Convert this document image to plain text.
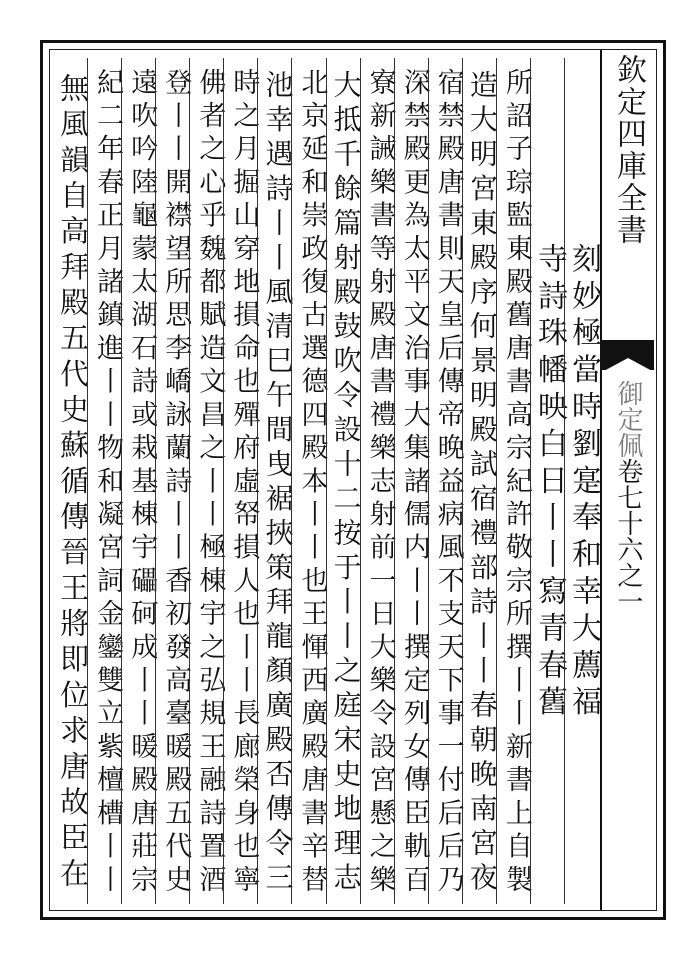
欽定四庫全書
御定佩卷七十六之一
刻妙極當時劉寔奉和幸大薦福
寺詩珠幡映白日丨丨寫青春舊
所詔子琮監東殿舊唐書高宗紀許敬宗所撰丨丨新書上自製
造大明宮東殿序何景明殿試宿禮部詩丨丨春朝晚南宮夜
宿禁殿唐書則天皇后傳帝晚益病風不支天下事一付后后乃
深禁殿更為太平文治事大集諸儒内丨丨撰定列女傳臣軌百
寮新誡樂書等射殿唐書禮樂志射前一日大樂令設宮懸之樂
大抵千餘篇射殿鼓吹令設十二按于丨丨之庭宋史地理志
北京延和崇政復古選德四殿本丨丨也王惲西廣殿唐書辛替
池幸遇詩丨丨風清巳午間曳裾挾策拜龍顏廣殿否傳令三
時之月掘山穿地損命也殫府虛帑損人也丨丨長廊榮身也寧
佛者之心乎魏都賦造文昌之丨丨極棟宇之弘規王融詩置酒
登丨丨開襟望所思李嶠詠蘭詩丨丨香初發高臺暖殿五代史
遠吹吟陸龜蒙太湖石詩或栽基棟宇礧砢成丨丨暖殿唐莊宗
紀二年春正月諸鎮進丨丨物和凝宮詞金鑾雙立紫檀槽丨丨
無風韻自高拜殿五代史蘇循傳晉王將即位求唐故臣在
